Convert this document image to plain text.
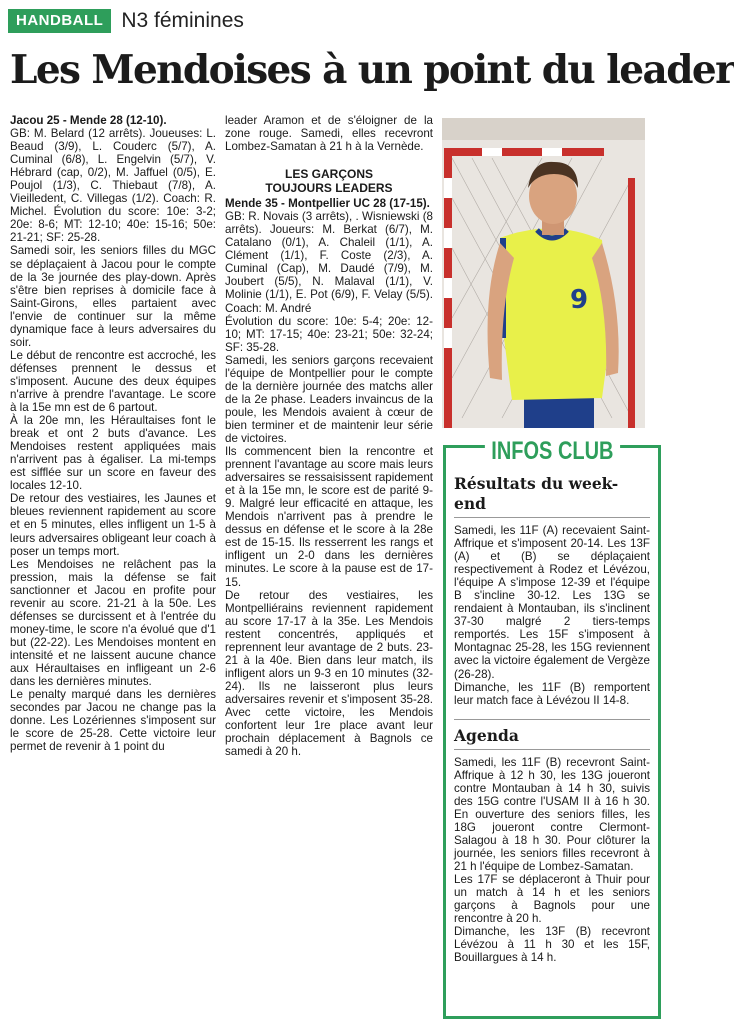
HANDBALL N3 féminines
Les Mendoises à un point du leader

Jacou 25 - Mende 28 (12-10).

GB: M. Belard (12 arrêts). Joueuses: L. Beaud (3/9), L. Couderc (5/7), A. Cuminal (6/8), L. Engelvin (5/7), V. Hébrard (cap, 0/2), M. Jaffuel (0/5), E. Poujol (1/3), C. Thiebaut (7/8), A. Vieilledent, C. Villegas (1/2). Coach: R. Michel. Évolution du score: 10e: 3-2; 20e: 8-6; MT: 12-10; 40e: 15-16; 50e: 21-21; SF: 25-28.

Samedi soir, les seniors filles du MGC se déplaçaient à Jacou pour le compte de la 3e journée des play-down. Après s'être bien reprises à domicile face à Saint-Girons, elles partaient avec l'envie de continuer sur la même dynamique face à leurs adversaires du soir.

Le début de rencontre est accroché, les défenses prennent le dessus et s'imposent. Aucune des deux équipes n'arrive à prendre l'avantage. Le score à la 15e mn est de 6 partout.

À la 20e mn, les Héraultaises font le break et ont 2 buts d'avance. Les Mendoises restent appliquées mais n'arrivent pas à égaliser. La mi-temps est sifflée sur un score en faveur des locales 12-10.

De retour des vestiaires, les Jaunes et bleues reviennent rapidement au score et en 5 minutes, elles infligent un 1-5 à leurs adversaires obligeant leur coach à poser un temps mort.

Les Mendoises ne relâchent pas la pression, mais la défense se fait sanctionner et Jacou en profite pour revenir au score. 21-21 à la 50e. Les défenses se durcissent et à l'entrée du money-time, le score n'a évolué que d'1 but (22-22). Les Mendoises montent en intensité et ne laissent aucune chance aux Héraultaises en infligeant un 2-6 dans les dernières minutes.

Le penalty marqué dans les dernières secondes par Jacou ne change pas la donne. Les Lozériennes s'imposent sur le score de 25-28. Cette victoire leur permet de revenir à 1 point du

leader Aramon et de s'éloigner de la zone rouge. Samedi, elles recevront Lombez-Samatan à 21 h à la Vernède.

LES GARÇONS
TOUJOURS LEADERS

Mende 35 - Montpellier UC 28 (17-15).

GB: R. Novais (3 arrêts), . Wisniewski (8 arrêts). Joueurs: M. Berkat (6/7), M. Catalano (0/1), A. Chaleil (1/1), A. Clément (1/1), F. Coste (2/3), A. Cuminal (Cap), M. Daudé (7/9), M. Joubert (5/5), N. Malaval (1/1), V. Molinie (1/1), E. Pot (6/9), F. Velay (5/5). Coach: M. André

Évolution du score: 10e: 5-4; 20e: 12-10; MT: 17-15; 40e: 23-21; 50e: 32-24; SF: 35-28.

Samedi, les seniors garçons recevaient l'équipe de Montpellier pour le compte de la dernière journée des matchs aller de la 2e phase. Leaders invaincus de la poule, les Mendois avaient à cœur de bien terminer et de maintenir leur série de victoires.

Ils commencent bien la rencontre et prennent l'avantage au score mais leurs adversaires se ressaisissent rapidement et à la 15e mn, le score est de parité 9-9. Malgré leur efficacité en attaque, les Mendois n'arrivent pas à prendre le dessus en défense et le score à la 28e est de 15-15. Ils resserrent les rangs et infligent un 2-0 dans les dernières minutes. Le score à la pause est de 17-15.

De retour des vestiaires, les Montpelliérains reviennent rapidement au score 17-17 à la 35e. Les Mendois restent concentrés, appliqués et reprennent leur avantage de 2 buts. 23-21 à la 40e. Bien dans leur match, ils infligent alors un 9-3 en 10 minutes (32-24). Ils ne laisseront plus leurs adversaires revenir et s'imposent 35-28. Avec cette victoire, les Mendois confortent leur 1re place avant leur prochain déplacement à Bagnols ce samedi à 20 h.

9
INFOS CLUB
Résultats du week-end

Samedi, les 11F (A) recevaient Saint-Affrique et s'imposent 20-14. Les 13F (A) et (B) se déplaçaient respectivement à Rodez et Lévézou, l'équipe A s'impose 12-39 et l'équipe B s'incline 30-12. Les 13G se rendaient à Montauban, ils s'inclinent 37-30 malgré 2 tiers-temps remportés. Les 15F s'imposent à Montagnac 25-28, les 15G reviennent avec la victoire également de Vergèze (26-28).

Dimanche, les 11F (B) remportent leur match face à Lévézou II 14-8.

Agenda

Samedi, les 11F (B) recevront Saint-Affrique à 12 h 30, les 13G joueront contre Montauban à 14 h 30, suivis des 15G contre l'USAM II à 16 h 30. En ouverture des seniors filles, les 18G joueront contre Clermont-Salagou à 18 h 30. Pour clôturer la journée, les seniors filles recevront à 21 h l'équipe de Lombez-Samatan.

Les 17F se déplaceront à Thuir pour un match à 14 h et les seniors garçons à Bagnols pour une rencontre à 20 h.

Dimanche, les 13F (B) recevront Lévézou à 11 h 30 et les 15F, Bouillargues à 14 h.
